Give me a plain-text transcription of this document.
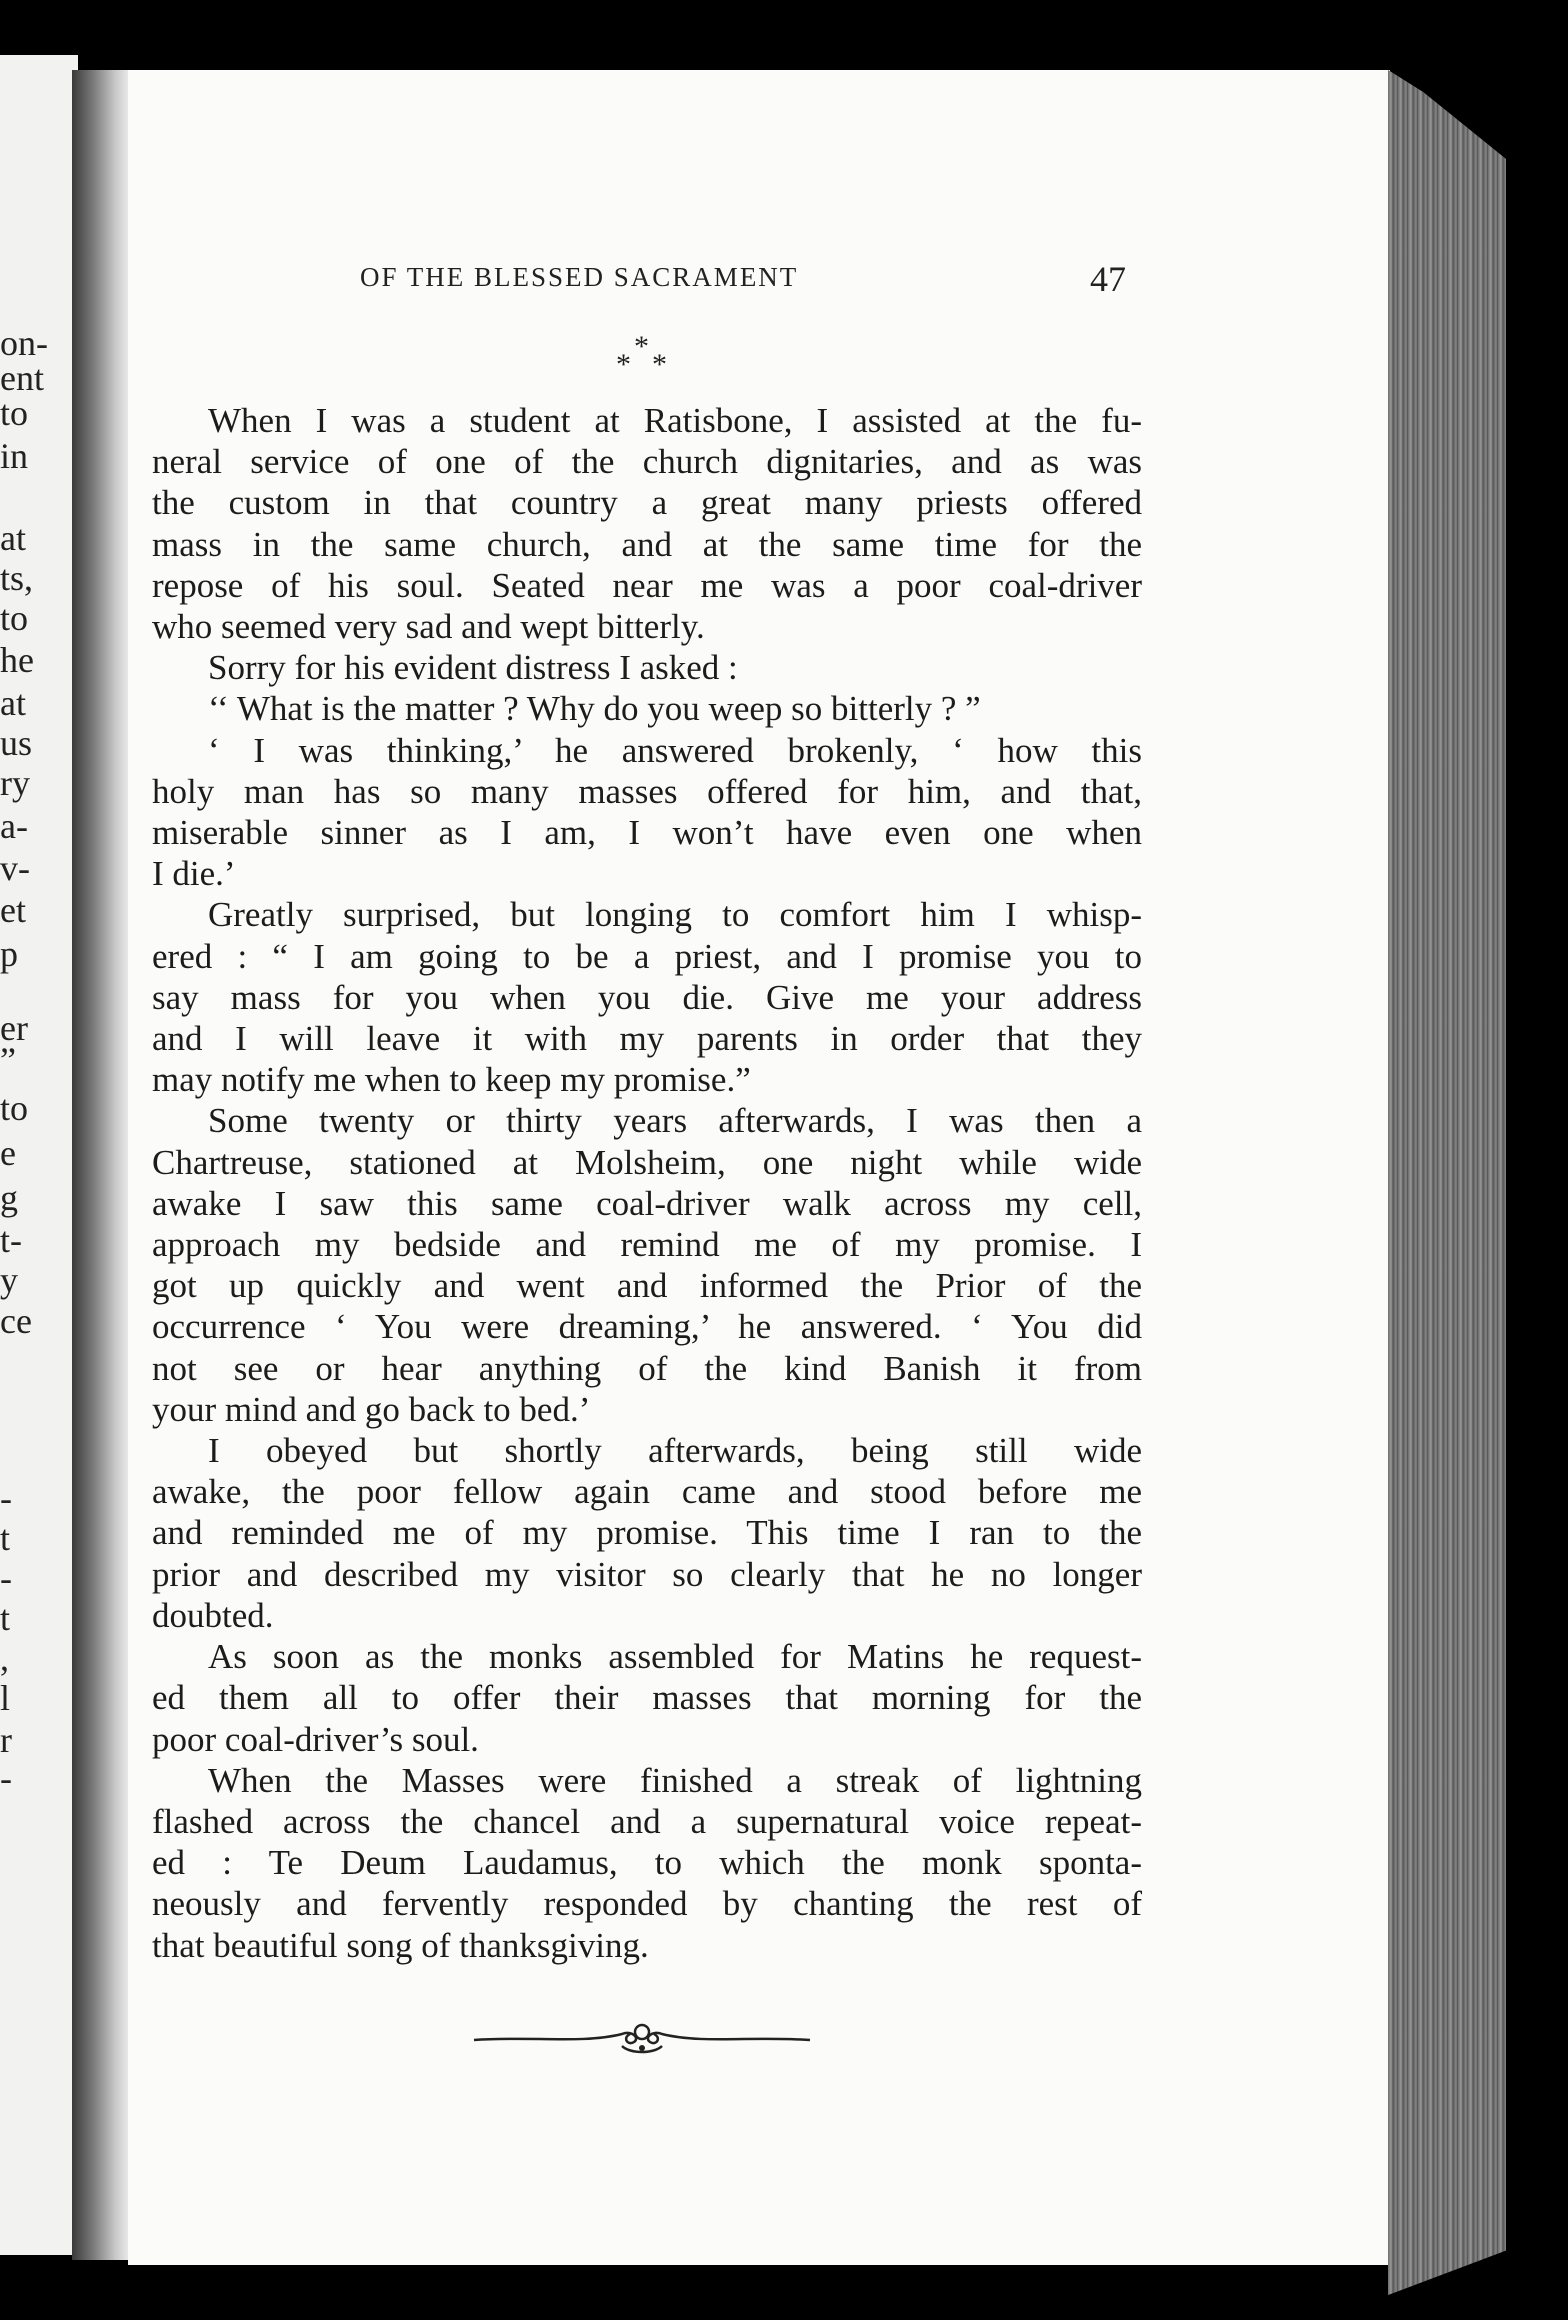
on-
ent
to
in
at
ts,
to
he
at
us
ry
a-
v-
et
p
er
”
to
e
g
t-
y
ce
-
t
-
t
,
l
r
-
OF THE BLESSED SACRAMENT	47
*
* *
When I was a student at Ratisbone, I assisted at the fu-
neral service of one of the church dignitaries, and as was
the custom in that country a great many priests offered
mass in the same church, and at the same time for the
repose of his soul. Seated near me was a poor coal-driver
who seemed very sad and wept bitterly.
Sorry for his evident distress I asked :
‘‘ What is the matter ? Why do you weep so bitterly ? ”
‘ I was thinking,’ he answered brokenly, ‘ how this
holy man has so many masses offered for him, and that,
miserable sinner as I am, I won’t have even one when
I die.’
Greatly surprised, but longing to comfort him I whisp-
ered : “ I am going to be a priest, and I promise you to
say mass for you when you die. Give me your address
and I will leave it with my parents in order that they
may notify me when to keep my promise.”
Some twenty or thirty years afterwards, I was then a
Chartreuse, stationed at Molsheim, one night while wide
awake I saw this same coal-driver walk across my cell,
approach my bedside and remind me of my promise. I
got up quickly and went and informed the Prior of the
occurrence ‘ You were dreaming,’ he answered. ‘ You did
not see or hear anything of the kind Banish it from
your mind and go back to bed.’
I obeyed but shortly afterwards, being still wide
awake, the poor fellow again came and stood before me
and reminded me of my promise. This time I ran to the
prior and described my visitor so clearly that he no longer
doubted.
As soon as the monks assembled for Matins he request-
ed them all to offer their masses that morning for the
poor coal-driver’s soul.
When the Masses were finished a streak of lightning
flashed across the chancel and a supernatural voice repeat-
ed : Te Deum Laudamus, to which the monk sponta-
neously and fervently responded by chanting the rest of
that beautiful song of thanksgiving.
